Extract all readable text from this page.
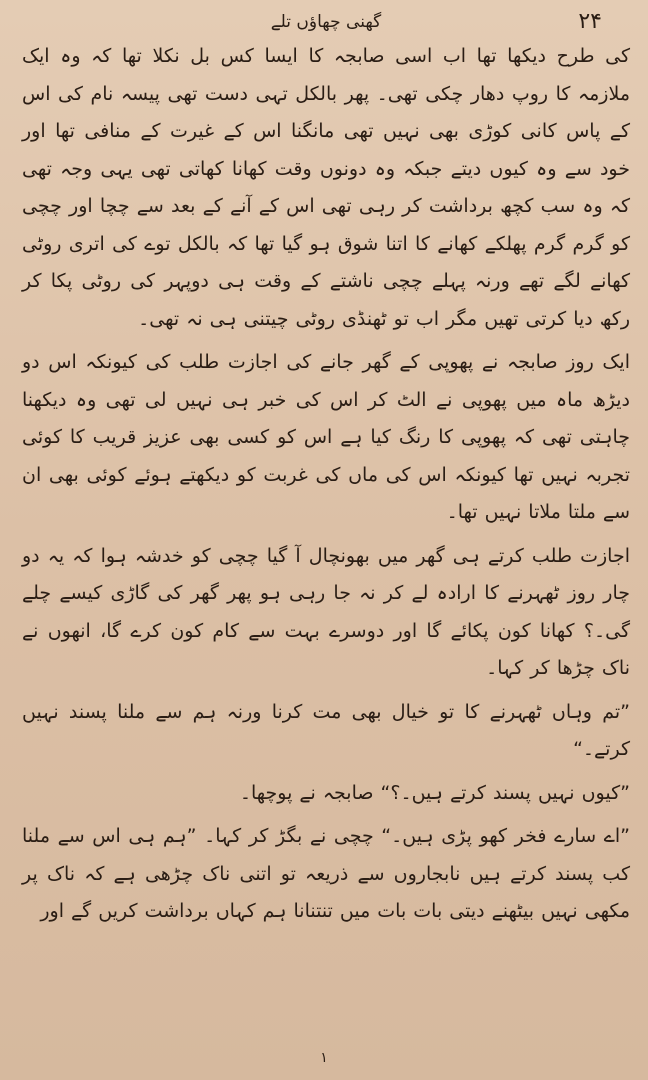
گھنی چھاؤں تلے	۲۴

کی طرح دیکھا تھا اب اسی صابجہ کا ایسا کس بل نکلا تھا کہ وہ ایک ملازمہ کا روپ دھار چکی تھی۔ پھر بالکل تہی دست تھی پیسہ نام کی اس کے پاس کانی کوڑی بھی نہیں تھی مانگنا اس کے غیرت کے منافی تھا اور خود سے وہ کیوں دیتے جبکہ وہ دونوں وقت کھانا کھاتی تھی یہی وجہ تھی کہ وہ سب کچھ برداشت کر رہی تھی اس کے آنے کے بعد سے چچا اور چچی کو گرم گرم پھلکے کھانے کا اتنا شوق ہو گیا تھا کہ بالکل توے کی اتری روٹی کھانے لگے تھے ورنہ پہلے چچی ناشتے کے وقت ہی دوپہر کی روٹی پکا کر رکھ دیا کرتی تھیں مگر اب تو ٹھنڈی روٹی چیتنی ہی نہ تھی۔

ایک روز صابجہ نے پھوپی کے گھر جانے کی اجازت طلب کی کیونکہ اس دو دیڑھ ماہ میں پھوپی نے الٹ کر اس کی خبر ہی نہیں لی تھی وہ دیکھنا چاہتی تھی کہ پھوپی کا رنگ کیا ہے اس کو کسی بھی عزیز قریب کا کوئی تجربہ نہیں تھا کیونکہ اس کی ماں کی غربت کو دیکھتے ہوئے کوئی بھی ان سے ملتا ملاتا نہیں تھا۔

اجازت طلب کرتے ہی گھر میں بھونچال آ گیا چچی کو خدشہ ہوا کہ یہ دو چار روز ٹھہرنے کا ارادہ لے کر نہ جا رہی ہو پھر گھر کی گاڑی کیسے چلے گی۔؟ کھانا کون پکائے گا اور دوسرے بہت سے کام کون کرے گا، انھوں نے ناک چڑھا کر کہا۔

”تم وہاں ٹھہرنے کا تو خیال بھی مت کرنا ورنہ ہم سے ملنا پسند نہیں کرتے۔“

”کیوں نہیں پسند کرتے ہیں۔؟“ صابجہ نے پوچھا۔

”اے سارے فخر کھو پڑی ہیں۔“ چچی نے بگڑ کر کہا۔ ”ہم ہی اس سے ملنا کب پسند کرتے ہیں نابجاروں سے ذریعہ تو اتنی ناک چڑھی ہے کہ ناک پر مکھی نہیں بیٹھنے دیتی بات بات میں تنتنانا ہم کہاں برداشت کریں گے اور

۱
